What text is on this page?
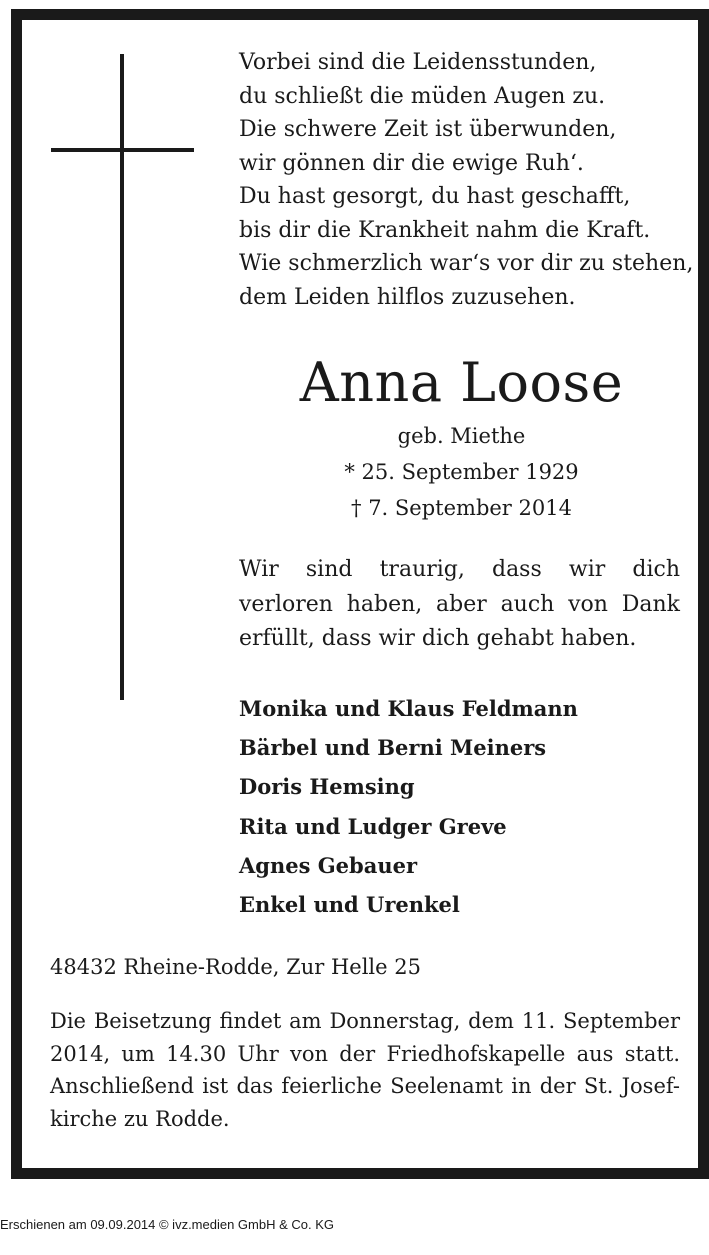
Vorbei sind die Leidensstunden,
du schließt die müden Augen zu.
Die schwere Zeit ist überwunden,
wir gönnen dir die ewige Ruh‘.
Du hast gesorgt, du hast geschafft,
bis dir die Krankheit nahm die Kraft.
Wie schmerzlich war‘s vor dir zu stehen,
dem Leiden hilflos zuzusehen.
Anna Loose
geb. Miethe
* 25. September 1929
† 7. September 2014

Wir sind traurig, dass wir dich verloren haben, aber auch von Dank erfüllt, dass wir dich gehabt haben.

Monika und Klaus Feldmann
Bärbel und Berni Meiners
Doris Hemsing
Rita und Ludger Greve
Agnes Gebauer
Enkel und Urenkel

48432 Rheine-Rodde, Zur Helle 25

Die Beisetzung findet am Donnerstag, dem 11. September
2014, um 14.30 Uhr von der Friedhofskapelle aus statt.
Anschließend ist das feierliche Seelenamt in der St. Josef-
kirche zu Rodde.

Erschienen am 09.09.2014 © ivz.medien GmbH & Co. KG
